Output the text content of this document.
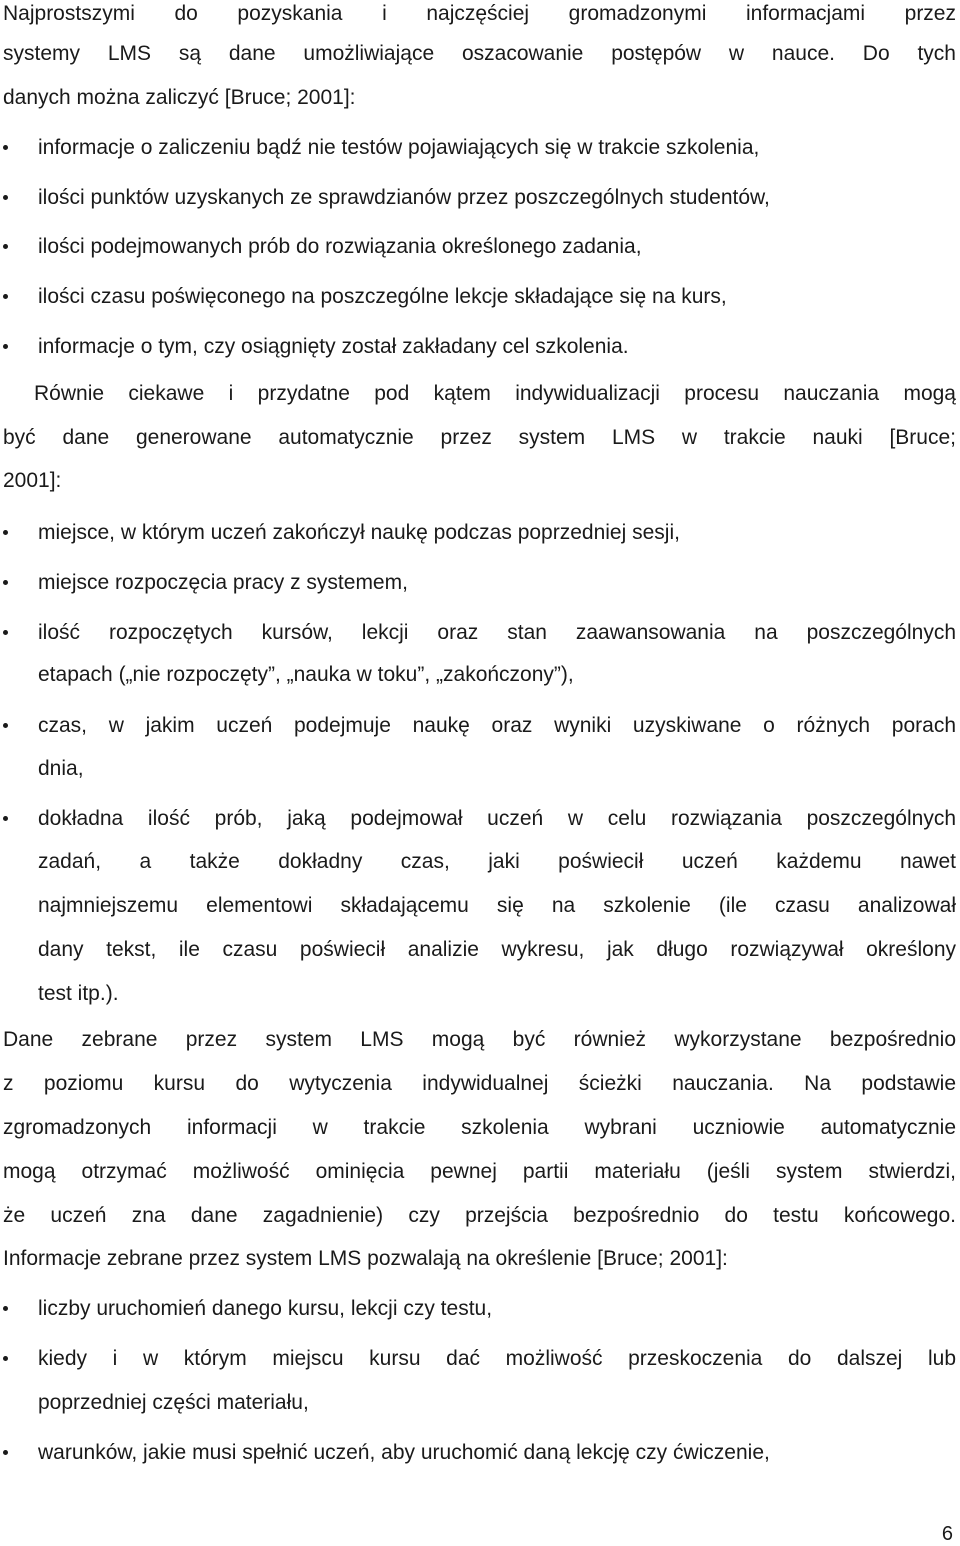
Najprostszymi do pozyskania i najczęściej gromadzonymi informacjami przez
systemy LMS są dane umożliwiające oszacowanie postępów w nauce. Do tych
danych można zaliczyć [Bruce; 2001]:
informacje o zaliczeniu bądź nie testów pojawiających się w trakcie szkolenia,
ilości punktów uzyskanych ze sprawdzianów przez poszczególnych studentów,
ilości podejmowanych prób do rozwiązania określonego zadania,
ilości czasu poświęconego na poszczególne lekcje składające się na kurs,
informacje o tym, czy osiągnięty został zakładany cel szkolenia.
Równie ciekawe i przydatne pod kątem indywidualizacji procesu nauczania mogą
być dane generowane automatycznie przez system LMS w trakcie nauki [Bruce;
2001]:
miejsce, w którym uczeń zakończył naukę podczas poprzedniej sesji,
miejsce rozpoczęcia pracy z systemem,
ilość rozpoczętych kursów, lekcji oraz stan zaawansowania na poszczególnych
etapach („nie rozpoczęty”, „nauka w toku”, „zakończony”),
czas, w jakim uczeń podejmuje naukę oraz wyniki uzyskiwane o różnych porach
dnia,
dokładna ilość prób, jaką podejmował uczeń w celu rozwiązania poszczególnych
zadań, a także dokładny czas, jaki poświecił uczeń każdemu nawet
najmniejszemu elementowi składającemu się na szkolenie (ile czasu analizował
dany tekst, ile czasu poświecił analizie wykresu, jak długo rozwiązywał określony
test itp.).
Dane zebrane przez system LMS mogą być również wykorzystane bezpośrednio
z poziomu kursu do wytyczenia indywidualnej ścieżki nauczania. Na podstawie
zgromadzonych informacji w trakcie szkolenia wybrani uczniowie automatycznie
mogą otrzymać możliwość ominięcia pewnej partii materiału (jeśli system stwierdzi,
że uczeń zna dane zagadnienie) czy przejścia bezpośrednio do testu końcowego.
Informacje zebrane przez system LMS pozwalają na określenie [Bruce; 2001]:
liczby uruchomień danego kursu, lekcji czy testu,
kiedy i w którym miejscu kursu dać możliwość przeskoczenia do dalszej lub
poprzedniej części materiału,
warunków, jakie musi spełnić uczeń, aby uruchomić daną lekcję czy ćwiczenie,
6
